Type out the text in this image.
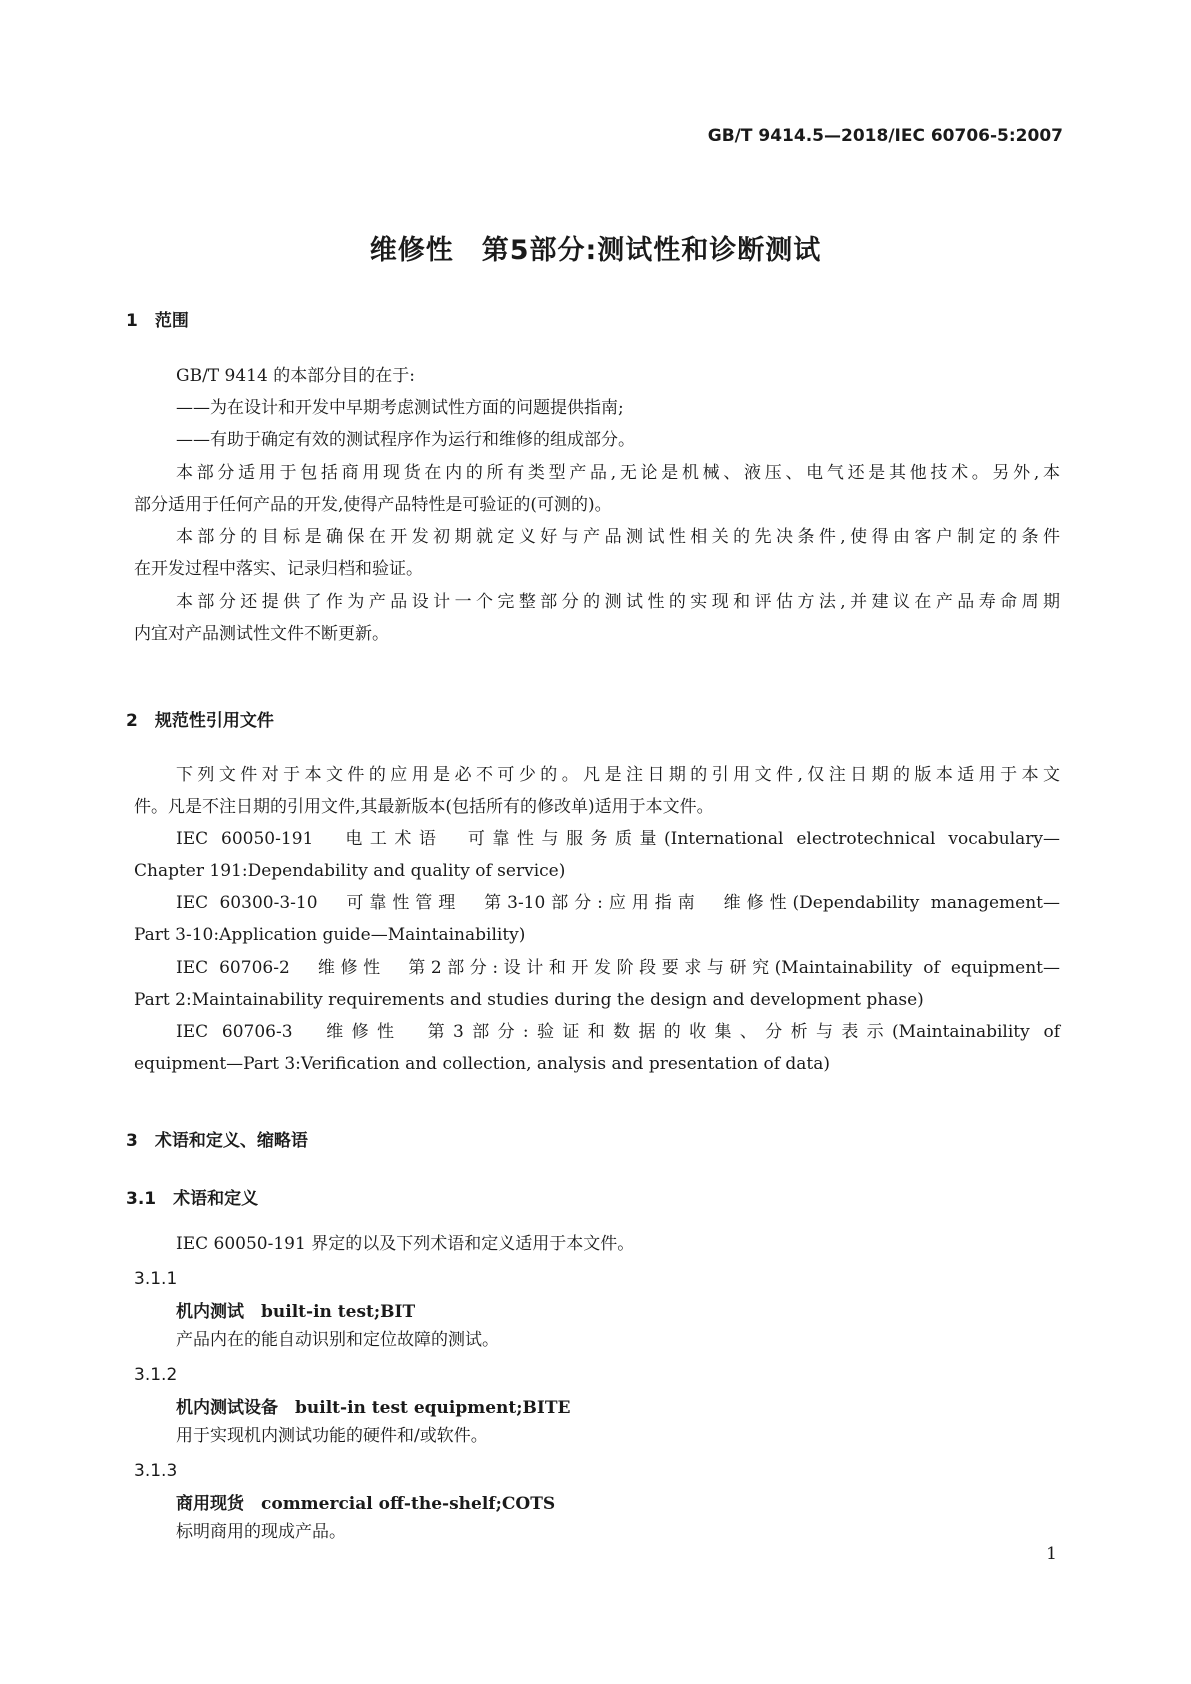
GB/T 9414.5—2018/IEC 60706-5:2007
维修性　第5部分:测试性和诊断测试
1　范围
GB/T 9414 的本部分目的在于:
——为在设计和开发中早期考虑测试性方面的问题提供指南;
——有助于确定有效的测试程序作为运行和维修的组成部分。
本部分适用于包括商用现货在内的所有类型产品,无论是机械、液压、电气还是其他技术。另外,本
部分适用于任何产品的开发,使得产品特性是可验证的(可测的)。
本部分的目标是确保在开发初期就定义好与产品测试性相关的先决条件,使得由客户制定的条件
在开发过程中落实、记录归档和验证。
本部分还提供了作为产品设计一个完整部分的测试性的实现和评估方法,并建议在产品寿命周期
内宜对产品测试性文件不断更新。
2　规范性引用文件
下列文件对于本文件的应用是必不可少的。凡是注日期的引用文件,仅注日期的版本适用于本文
件。凡是不注日期的引用文件,其最新版本(包括所有的修改单)适用于本文件。
IEC 60050-191　电工术语　可靠性与服务质量(International electrotechnical vocabulary—
Chapter 191:Dependability and quality of service)
IEC 60300-3-10　可靠性管理　第3-10部分:应用指南　维修性(Dependability management—
Part 3-10:Application guide—Maintainability)
IEC 60706-2　维修性　第2部分:设计和开发阶段要求与研究(Maintainability of equipment—
Part 2:Maintainability requirements and studies during the design and development phase)
IEC 60706-3　维修性　第3部分:验证和数据的收集、分析与表示(Maintainability of
equipment—Part 3:Verification and collection, analysis and presentation of data)
3　术语和定义、缩略语
3.1　术语和定义
IEC 60050-191 界定的以及下列术语和定义适用于本文件。
3.1.1
机内测试　built-in test;BIT
产品内在的能自动识别和定位故障的测试。
3.1.2
机内测试设备　built-in test equipment;BITE
用于实现机内测试功能的硬件和/或软件。
3.1.3
商用现货　commercial off-the-shelf;COTS
标明商用的现成产品。
1
